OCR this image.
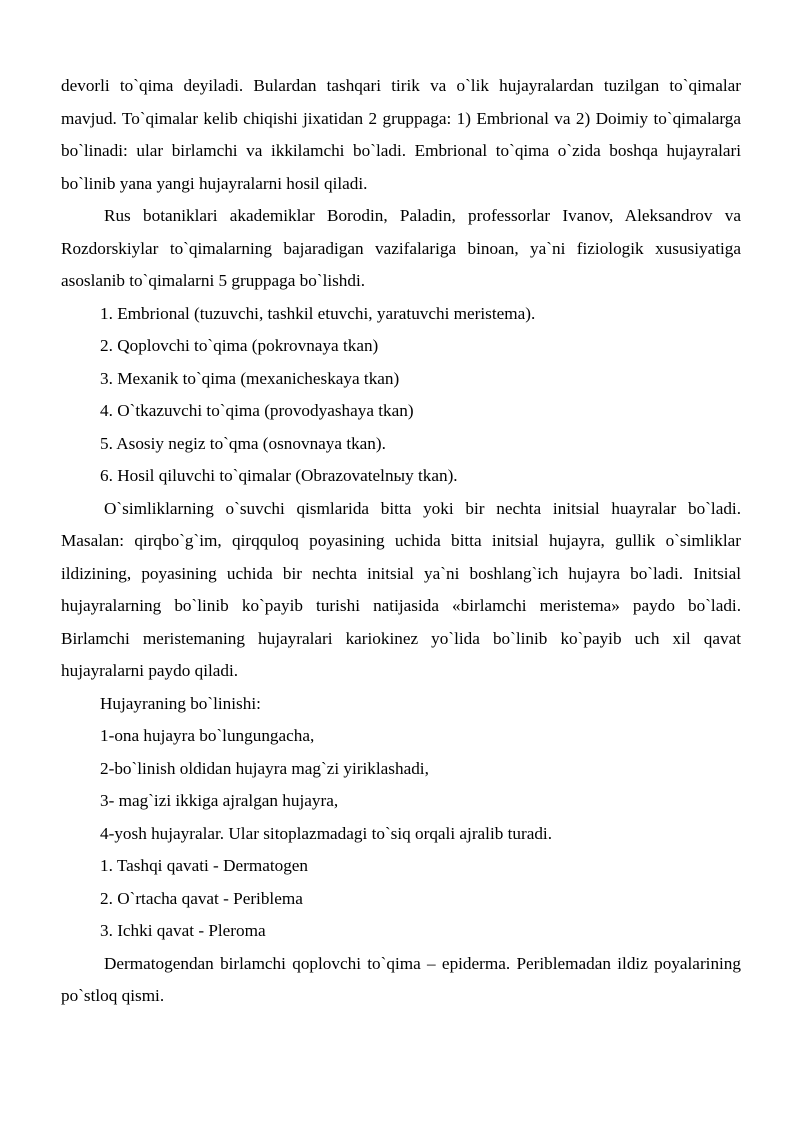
devorli to`qima deyiladi. Bulardan tashqari tirik va o`lik hujayralardan tuzilgan to`qimalar mavjud. To`qimalar kelib chiqishi jixatidan 2 gruppaga: 1) Embrional va 2) Doimiy to`qimalarga bo`linadi: ular birlamchi va ikkilamchi bo`ladi. Embrional to`qima o`zida boshqa hujayralari bo`linib yana yangi hujayralarni hosil qiladi.

Rus botaniklari akademiklar Borodin, Paladin, professorlar Ivanov, Aleksandrov va Rozdorskiylar to`qimalarning bajaradigan vazifalariga binoan, ya`ni fiziologik xususiyatiga asoslanib to`qimalarni 5 gruppaga bo`lishdi.

1. Embrional (tuzuvchi, tashkil etuvchi, yaratuvchi meristema).

2. Qoplovchi to`qima (pokrovnaya tkan)

3. Mexanik to`qima (mexanicheskaya tkan)

4. O`tkazuvchi to`qima (provodyashaya tkan)

5. Asosiy negiz to`qma (osnovnaya tkan).

6. Hosil qiluvchi to`qimalar (Obrazovatelnыy tkan).

O`simliklarning o`suvchi qismlarida bitta yoki bir nechta initsial huayralar bo`ladi. Masalan: qirqbo`g`im, qirqquloq poyasining uchida bitta initsial hujayra, gullik o`simliklar ildizining, poyasining uchida bir nechta initsial ya`ni boshlang`ich hujayra bo`ladi. Initsial hujayralarning bo`linib ko`payib turishi natijasida «birlamchi meristema» paydo bo`ladi. Birlamchi meristemaning hujayralari kariokinez yo`lida bo`linib ko`payib uch xil qavat hujayralarni paydo qiladi.

Hujayraning bo`linishi:

1-ona hujayra bo`lungungacha,

2-bo`linish oldidan hujayra mag`zi yiriklashadi,

3- mag`izi ikkiga ajralgan hujayra,

4-yosh hujayralar. Ular sitoplazmadagi to`siq orqali ajralib turadi.

1. Tashqi qavati - Dermatogen

2. O`rtacha qavat - Periblema

3. Ichki qavat - Pleroma

Dermatogendan birlamchi qoplovchi to`qima – epiderma. Periblemadan ildiz poyalarining po`stloq qismi.
